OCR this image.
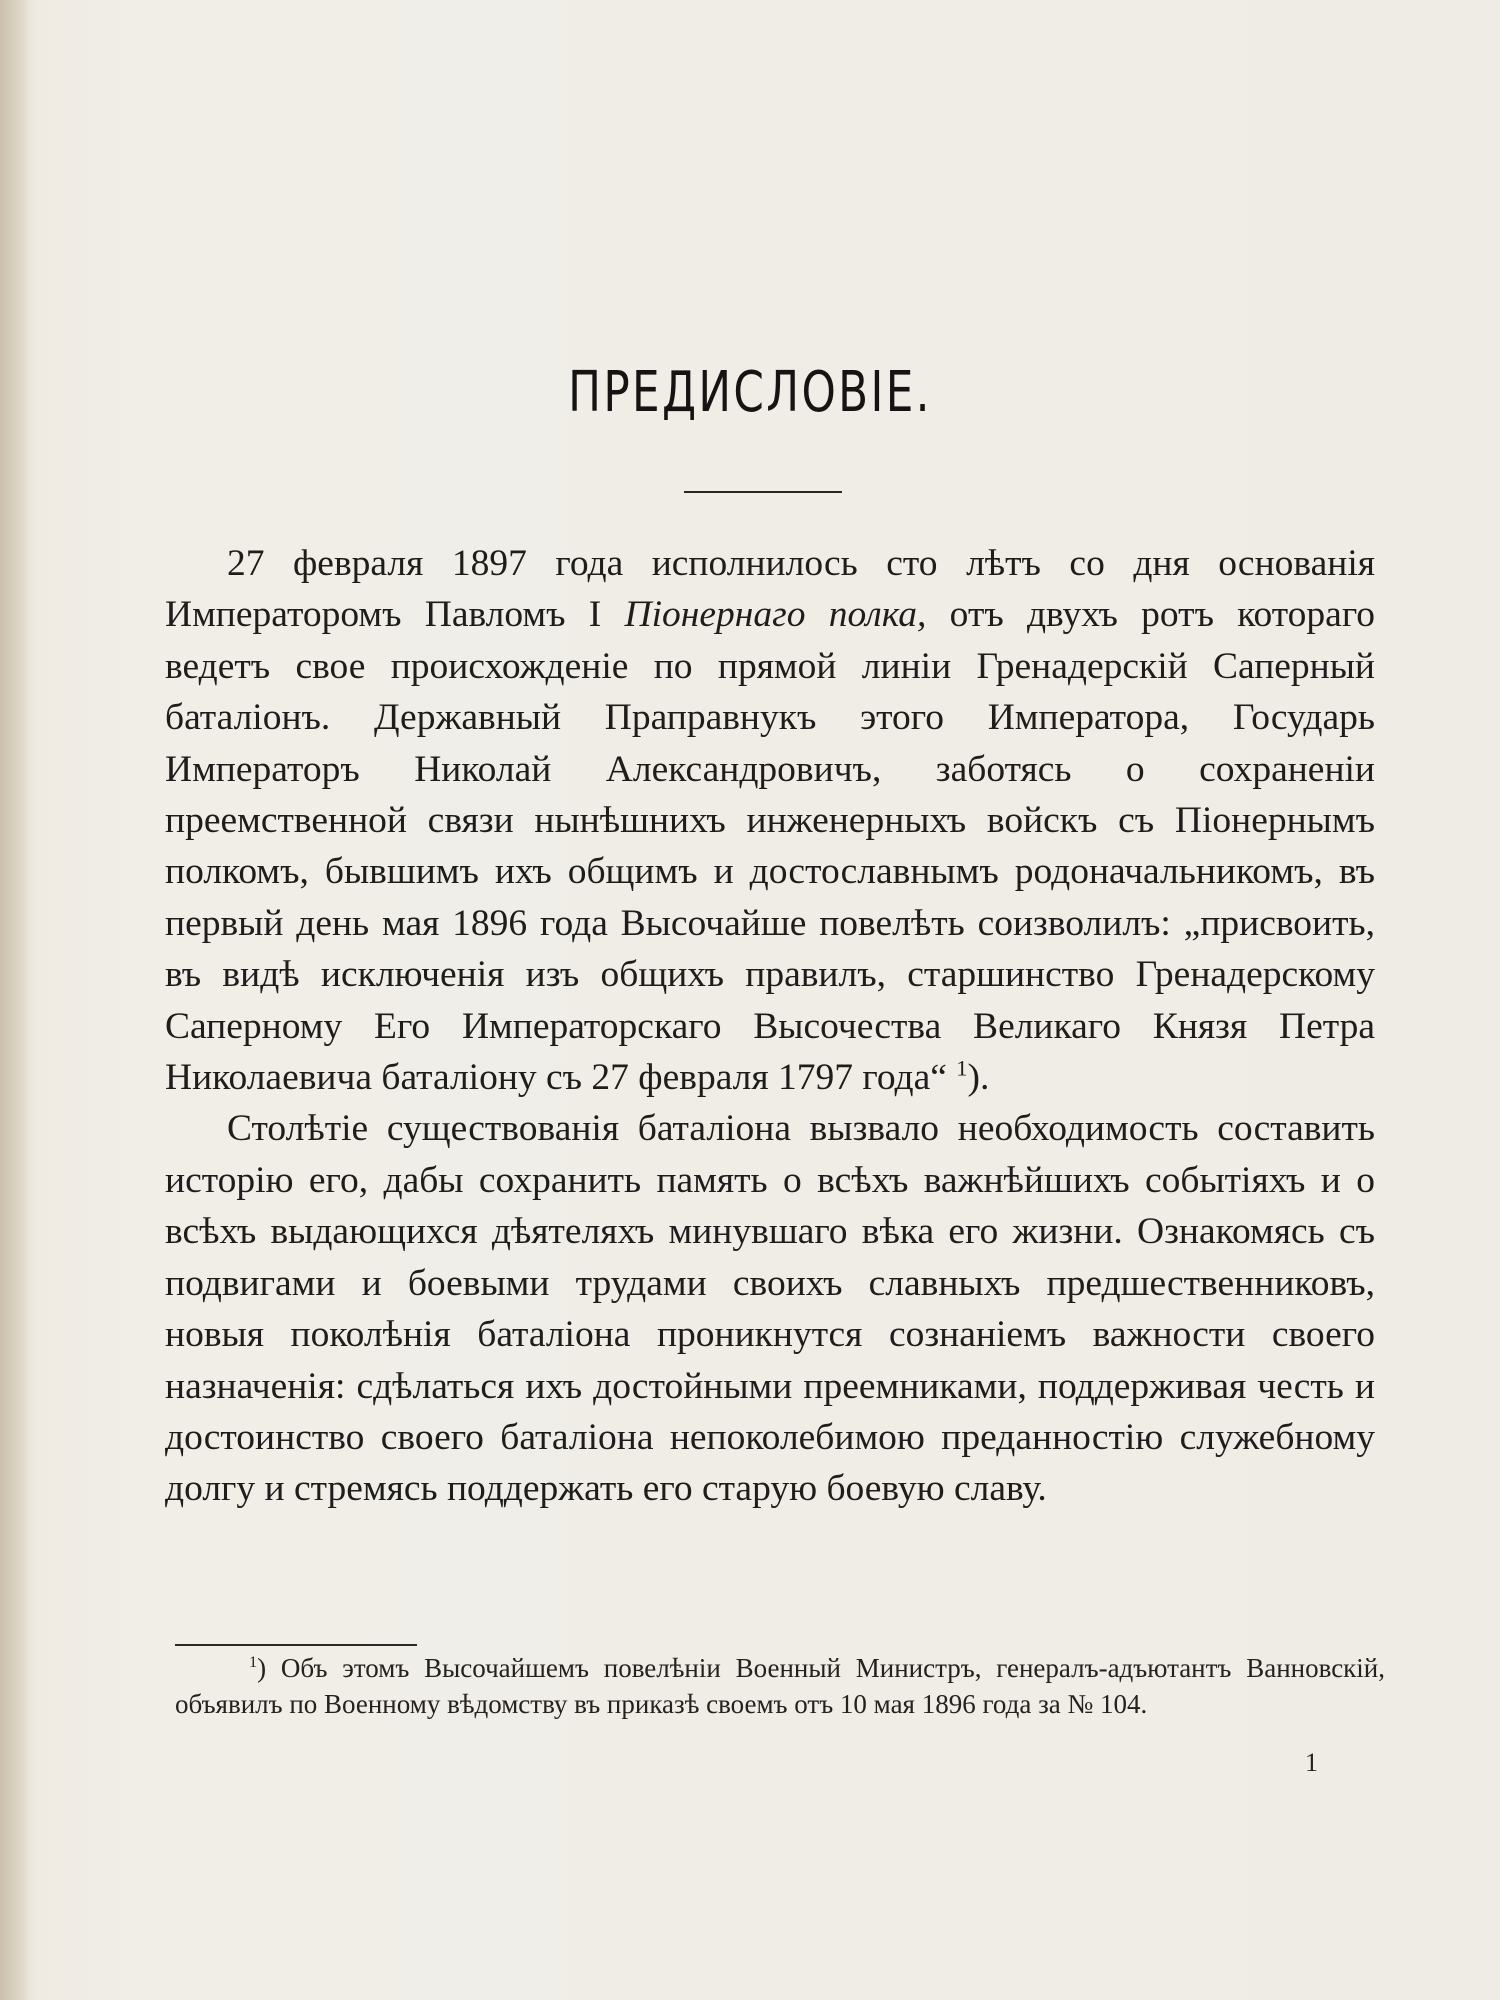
ПРЕДИСЛОВІЕ.

27 февраля 1897 года исполнилось сто лѣтъ со дня основанія Императоромъ Павломъ I Піонернаго полка, отъ двухъ ротъ котораго ведетъ свое происхожденіе по прямой линіи Гренадерскій Саперный баталіонъ. Державный Праправнукъ этого Императора, Государь Императоръ Николай Александровичъ, заботясь о сохраненіи преемственной связи нынѣшнихъ инженерныхъ войскъ съ Піонернымъ полкомъ, бывшимъ ихъ общимъ и достославнымъ родоначальникомъ, въ первый день мая 1896 года Высочайше повелѣть соизволилъ: „присвоить, въ видѣ исключенія изъ общихъ правилъ, старшинство Гренадерскому Саперному Его Императорскаго Высочества Великаго Князя Петра Николаевича баталіону съ 27 февраля 1797 года“ $^1$).

Столѣтіе существованія баталіона вызвало необходимость составить исторію его, дабы сохранить память о всѣхъ важнѣйшихъ событіяхъ и о всѣхъ выдающихся дѣятеляхъ минувшаго вѣка его жизни. Ознакомясь съ подвигами и боевыми трудами своихъ славныхъ предшественниковъ, новыя поколѣнія баталіона проникнутся сознаніемъ важности своего назначенія: сдѣлаться ихъ достойными преемниками, поддерживая честь и достоинство своего баталіона непоколебимою преданностію служебному долгу и стремясь поддержать его старую боевую славу.

$^1$) Объ этомъ Высочайшемъ повелѣніи Военный Министръ, генералъ-адъютантъ Ванновскій, объявилъ по Военному вѣдомству въ приказѣ своемъ отъ 10 мая 1896 года за № 104.

1
